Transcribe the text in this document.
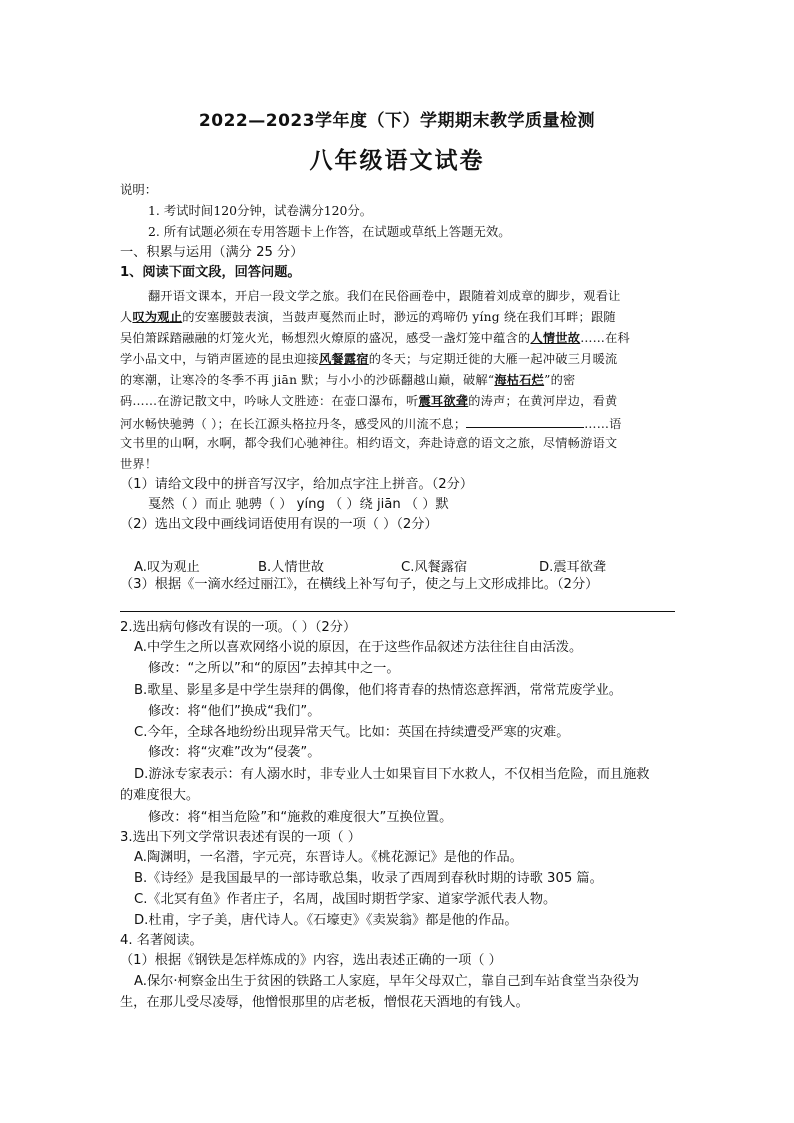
2022—2023学年度（下）学期期末教学质量检测
八年级语文试卷
说明：
1. 考试时间120分钟，试卷满分120分。
2. 所有试题必须在专用答题卡上作答，在试题或草纸上答题无效。
一、积累与运用（满分 25 分）
1、阅读下面文段，回答问题。
翻开语文课本，开启一段文学之旅。我们在民俗画卷中，跟随着刘成章的脚步，观看让
人叹为观止的安塞腰鼓表演，当鼓声戛然而止时，渺远的鸡啼仍 yíng 绕在我们耳畔；跟随
吴伯箫踩踏融融的灯笼火光，畅想烈火燎原的盛况，感受一盏灯笼中蕴含的人情世故……在科
学小品文中，与销声匿迹的昆虫迎接风餐露宿的冬天；与定期迁徙的大雁一起冲破三月暖流
的寒潮，让寒冷的冬季不再 jiān 默；与小小的沙砾翻越山巅，破解“海枯石烂”的密
码……在游记散文中，吟咏人文胜迹：在壶口瀑布，听震耳欲聋的涛声；在黄河岸边，看黄
河水畅快驰骋（ ）；在长江源头格拉丹冬，感受风的川流不息；	……语
文书里的山啊，水啊，都令我们心驰神往。相约语文，奔赴诗意的语文之旅，尽情畅游语文
世界！
（1）请给文段中的拼音写汉字，给加点字注上拼音。（2分）
戛然（ ）而止 驰骋（ ） yíng （ ）绕 jiān （ ）默
（2）选出文段中画线词语使用有误的一项（ ）（2分）
A.叹为观止	B.人情世故	C.风餐露宿	D.震耳欲聋
（3）根据《一滴水经过丽江》，在横线上补写句子，使之与上文形成排比。（2分）
2.选出病句修改有误的一项。（ ）（2分）
A.中学生之所以喜欢网络小说的原因，在于这些作品叙述方法往往自由活泼。
修改：“之所以”和“的原因”去掉其中之一。
B.歌星、影星多是中学生崇拜的偶像，他们将青春的热情恣意挥洒，常常荒废学业。
修改：将“他们”换成“我们”。
C.今年，全球各地纷纷出现异常天气。比如：英国在持续遭受严寒的灾难。
修改：将“灾难”改为“侵袭”。
D.游泳专家表示：有人溺水时，非专业人士如果盲目下水救人，不仅相当危险，而且施救
的难度很大。
修改：将“相当危险”和“施救的难度很大”互换位置。
3.选出下列文学常识表述有误的一项（ ）
A.陶渊明，一名潜，字元亮，东晋诗人。《桃花源记》是他的作品。
B.《诗经》是我国最早的一部诗歌总集，收录了西周到春秋时期的诗歌 305 篇。
C.《北冥有鱼》作者庄子，名周，战国时期哲学家、道家学派代表人物。
D.杜甫，字子美，唐代诗人。《石壕吏》《卖炭翁》都是他的作品。
4. 名著阅读。
（1）根据《钢铁是怎样炼成的》内容，选出表述正确的一项（ ）
A.保尔·柯察金出生于贫困的铁路工人家庭，早年父母双亡，靠自己到车站食堂当杂役为
生，在那儿受尽凌辱，他憎恨那里的店老板，憎恨花天酒地的有钱人。
